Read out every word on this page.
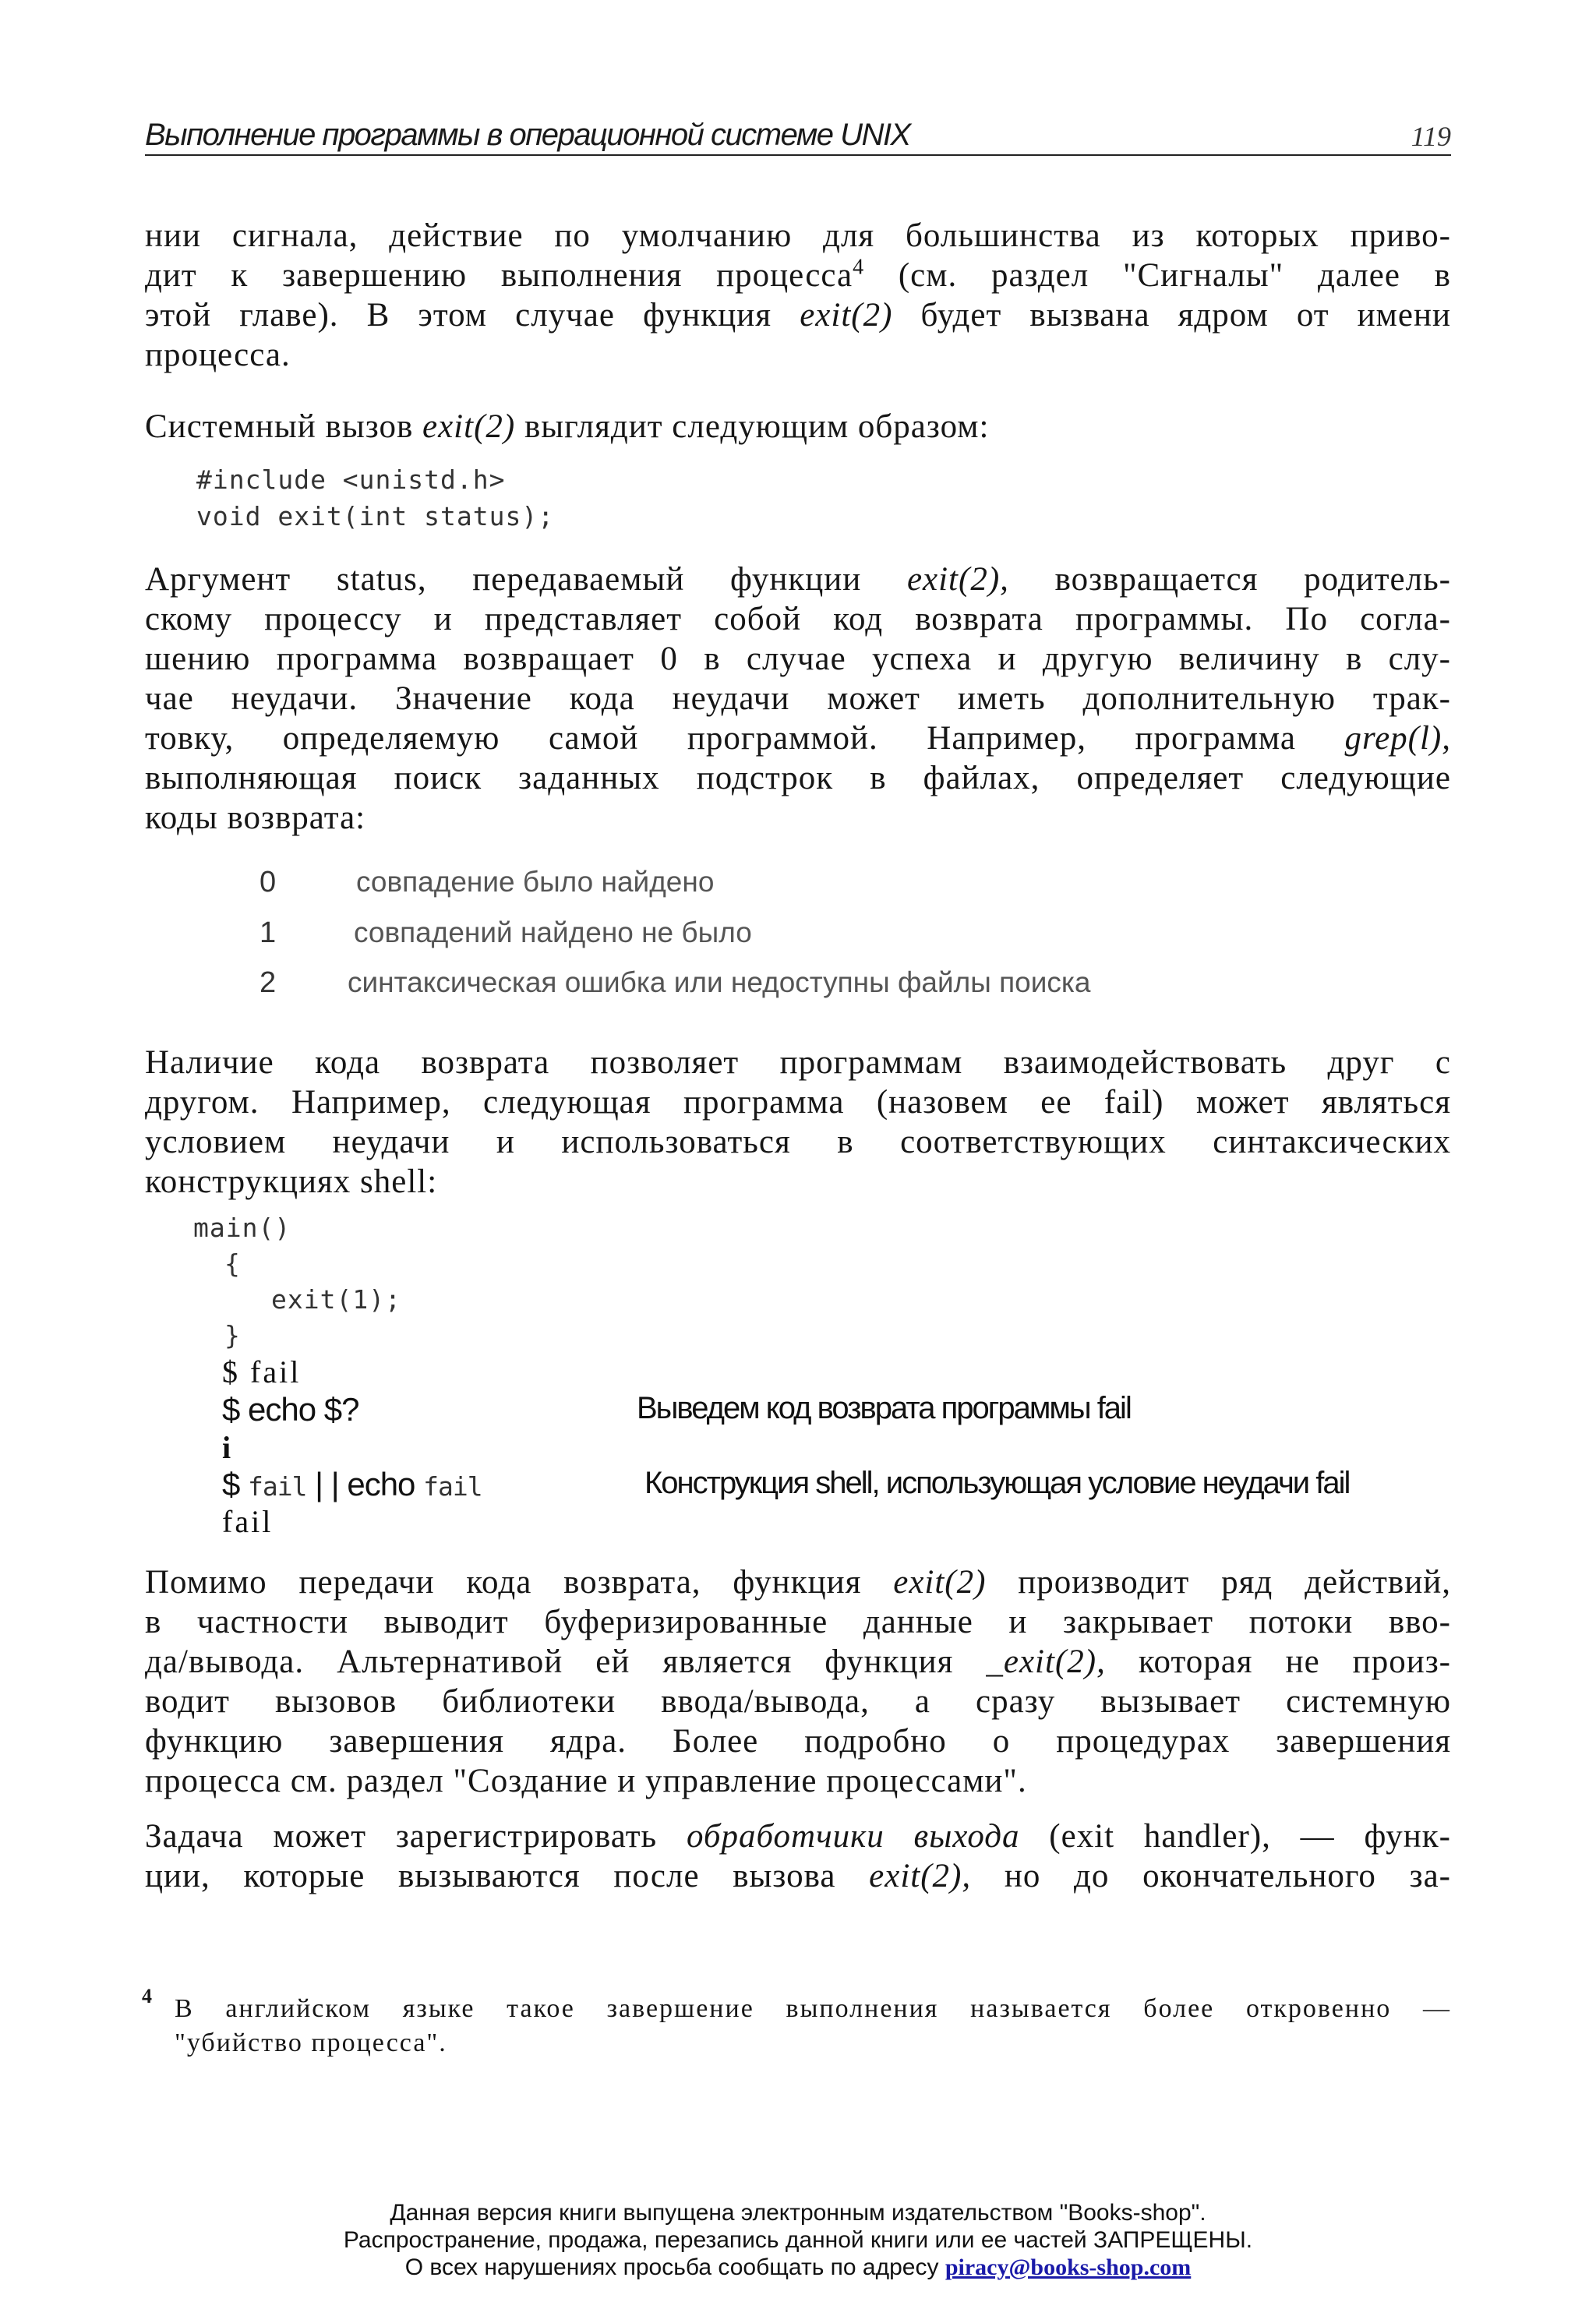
Выполнение программы в операционной системе UNIX	119
нии сигнала, действие по умолчанию для большинства из которых приво-
дит к завершению выполнения процесса$^4$ (см. раздел "Сигналы" далее в
этой главе). В этом случае функция exit(2) будет вызвана ядром от имени
процесса.
Системный вызов exit(2) выглядит следующим образом:
#include <unistd.h>
void exit(int status);
Аргумент status, передаваемый функции exit(2), возвращается родитель-
скому процессу и представляет собой код возврата программы. По согла-
шению программа возвращает 0 в случае успеха и другую величину в слу-
чае неудачи. Значение кода неудачи может иметь дополнительную трак-
товку, определяемую самой программой. Например, программа grep(l),
выполняющая поиск заданных подстрок в файлах, определяет следующие
коды возврата:
0	совпадение было найдено
1	совпадений найдено не было
2 синтаксическая ошибка или недоступны файлы поиска
Наличие кода возврата позволяет программам взаимодействовать друг с
другом. Например, следующая программа (назовем ее fail) может являться
условием неудачи и использоваться в соответствующих синтаксических
конструкциях shell:
main()
{
exit(1);
}
$ fail
$ echo $?	Выведем код возврата программы fail
i
$ fail | | echo fail	Конструкция shell, использующая условие неудачи fail
fail
Помимо передачи кода возврата, функция exit(2) производит ряд действий,
в частности выводит буферизированные данные и закрывает потоки вво-
да/вывода. Альтернативой ей является функция _exit(2), которая не произ-
водит вызовов библиотеки ввода/вывода, а сразу вызывает системную
функцию завершения ядра. Более подробно о процедурах завершения
процесса см. раздел "Создание и управление процессами".
Задача может зарегистрировать обработчики выхода (exit handler), — функ-
ции, которые вызываются после вызова exit(2), но до окончательного за-
4 В английском языке такое завершение выполнения называется более откровенно —
"убийство процесса".
Данная версия книги выпущена электронным издательством "Books-shop".
Распространение, продажа, перезапись данной книги или ее частей ЗАПРЕЩЕНЫ.
О всех нарушениях просьба сообщать по адресу piracy@books-shop.com
